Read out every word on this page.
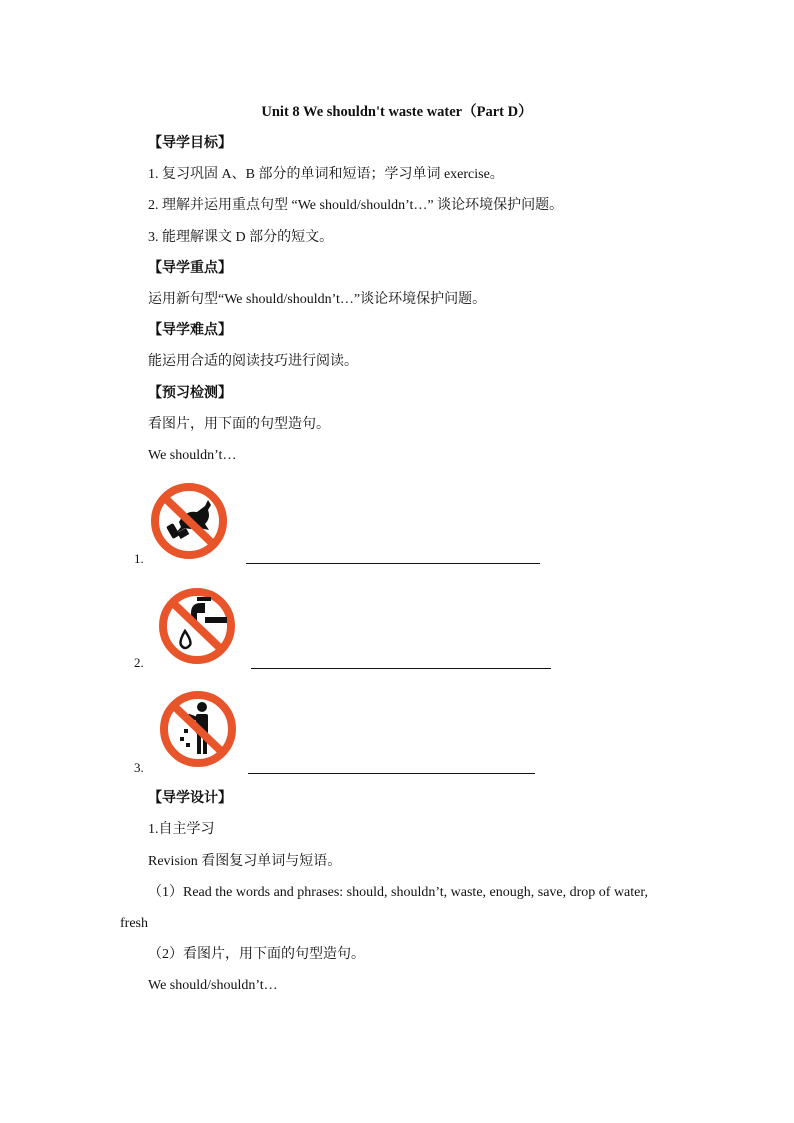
Unit 8 We shouldn't waste water（Part D）
【导学目标】
1. 复习巩固 A、B 部分的单词和短语；学习单词 exercise。
2. 理解并运用重点句型 “We should/shouldn’t…” 谈论环境保护问题。
3. 能理解课文 D 部分的短文。
【导学重点】
运用新句型“We should/shouldn’t…”谈论环境保护问题。
【导学难点】
能运用合适的阅读技巧进行阅读。
【预习检测】
看图片，用下面的句型造句。
We shouldn’t…
1.
2.
3.
【导学设计】
1.自主学习
Revision 看图复习单词与短语。
（1）Read the words and phrases: should, shouldn’t, waste, enough, save, drop of water,
fresh
（2）看图片，用下面的句型造句。
We should/shouldn’t…
